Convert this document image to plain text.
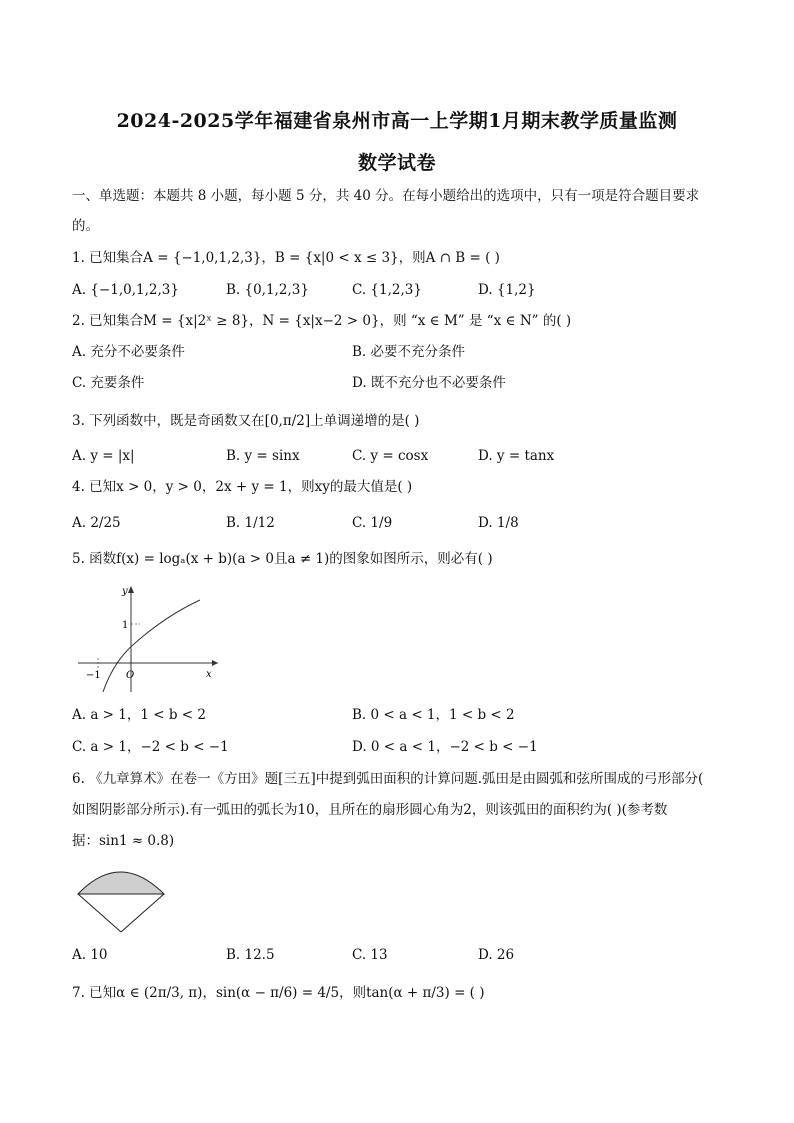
2024-2025学年福建省泉州市高一上学期1月期末教学质量监测
数学试卷
一、单选题：本题共 8 小题，每小题 5 分，共 40 分。在每小题给出的选项中，只有一项是符合题目要求
的。
1. 已知集合A = {−1,0,1,2,3}，B = {x|0 < x ≤ 3}，则A ∩ B = ( )
A. {−1,0,1,2,3}	B. {0,1,2,3}	C. {1,2,3}	D. {1,2}
2. 已知集合M = {x|2ˣ ≥ 8}，N = {x|x−2 > 0}，则 “x ∈ M” 是 “x ∈ N” 的( )
A. 充分不必要条件	B. 必要不充分条件
C. 充要条件	D. 既不充分也不必要条件
3. 下列函数中，既是奇函数又在[0,π/2]上单调递增的是( )
A. y = |x|	B. y = sinx	C. y = cosx	D. y = tanx
4. 已知x > 0，y > 0，2x + y = 1，则xy的最大值是( )
A. 2/25	B. 1/12	C. 1/9	D. 1/8
5. 函数f(x) = logₐ(x + b)(a > 0且a ≠ 1)的图象如图所示，则必有( )
y
x
1
−1	O
A. a > 1，1 < b < 2	B. 0 < a < 1，1 < b < 2
C. a > 1，−2 < b < −1	D. 0 < a < 1，−2 < b < −1
6. 《九章算术》在卷一《方田》题[三五]中提到弧田面积的计算问题.弧田是由圆弧和弦所围成的弓形部分(
如图阴影部分所示).有一弧田的弧长为10，且所在的扇形圆心角为2，则该弧田的面积约为( )(参考数
据：sin1 ≈ 0.8)
A. 10	B. 12.5	C. 13	D. 26
7. 已知α ∈ (2π/3, π)，sin(α − π/6) = 4/5，则tan(α + π/3) = ( )
